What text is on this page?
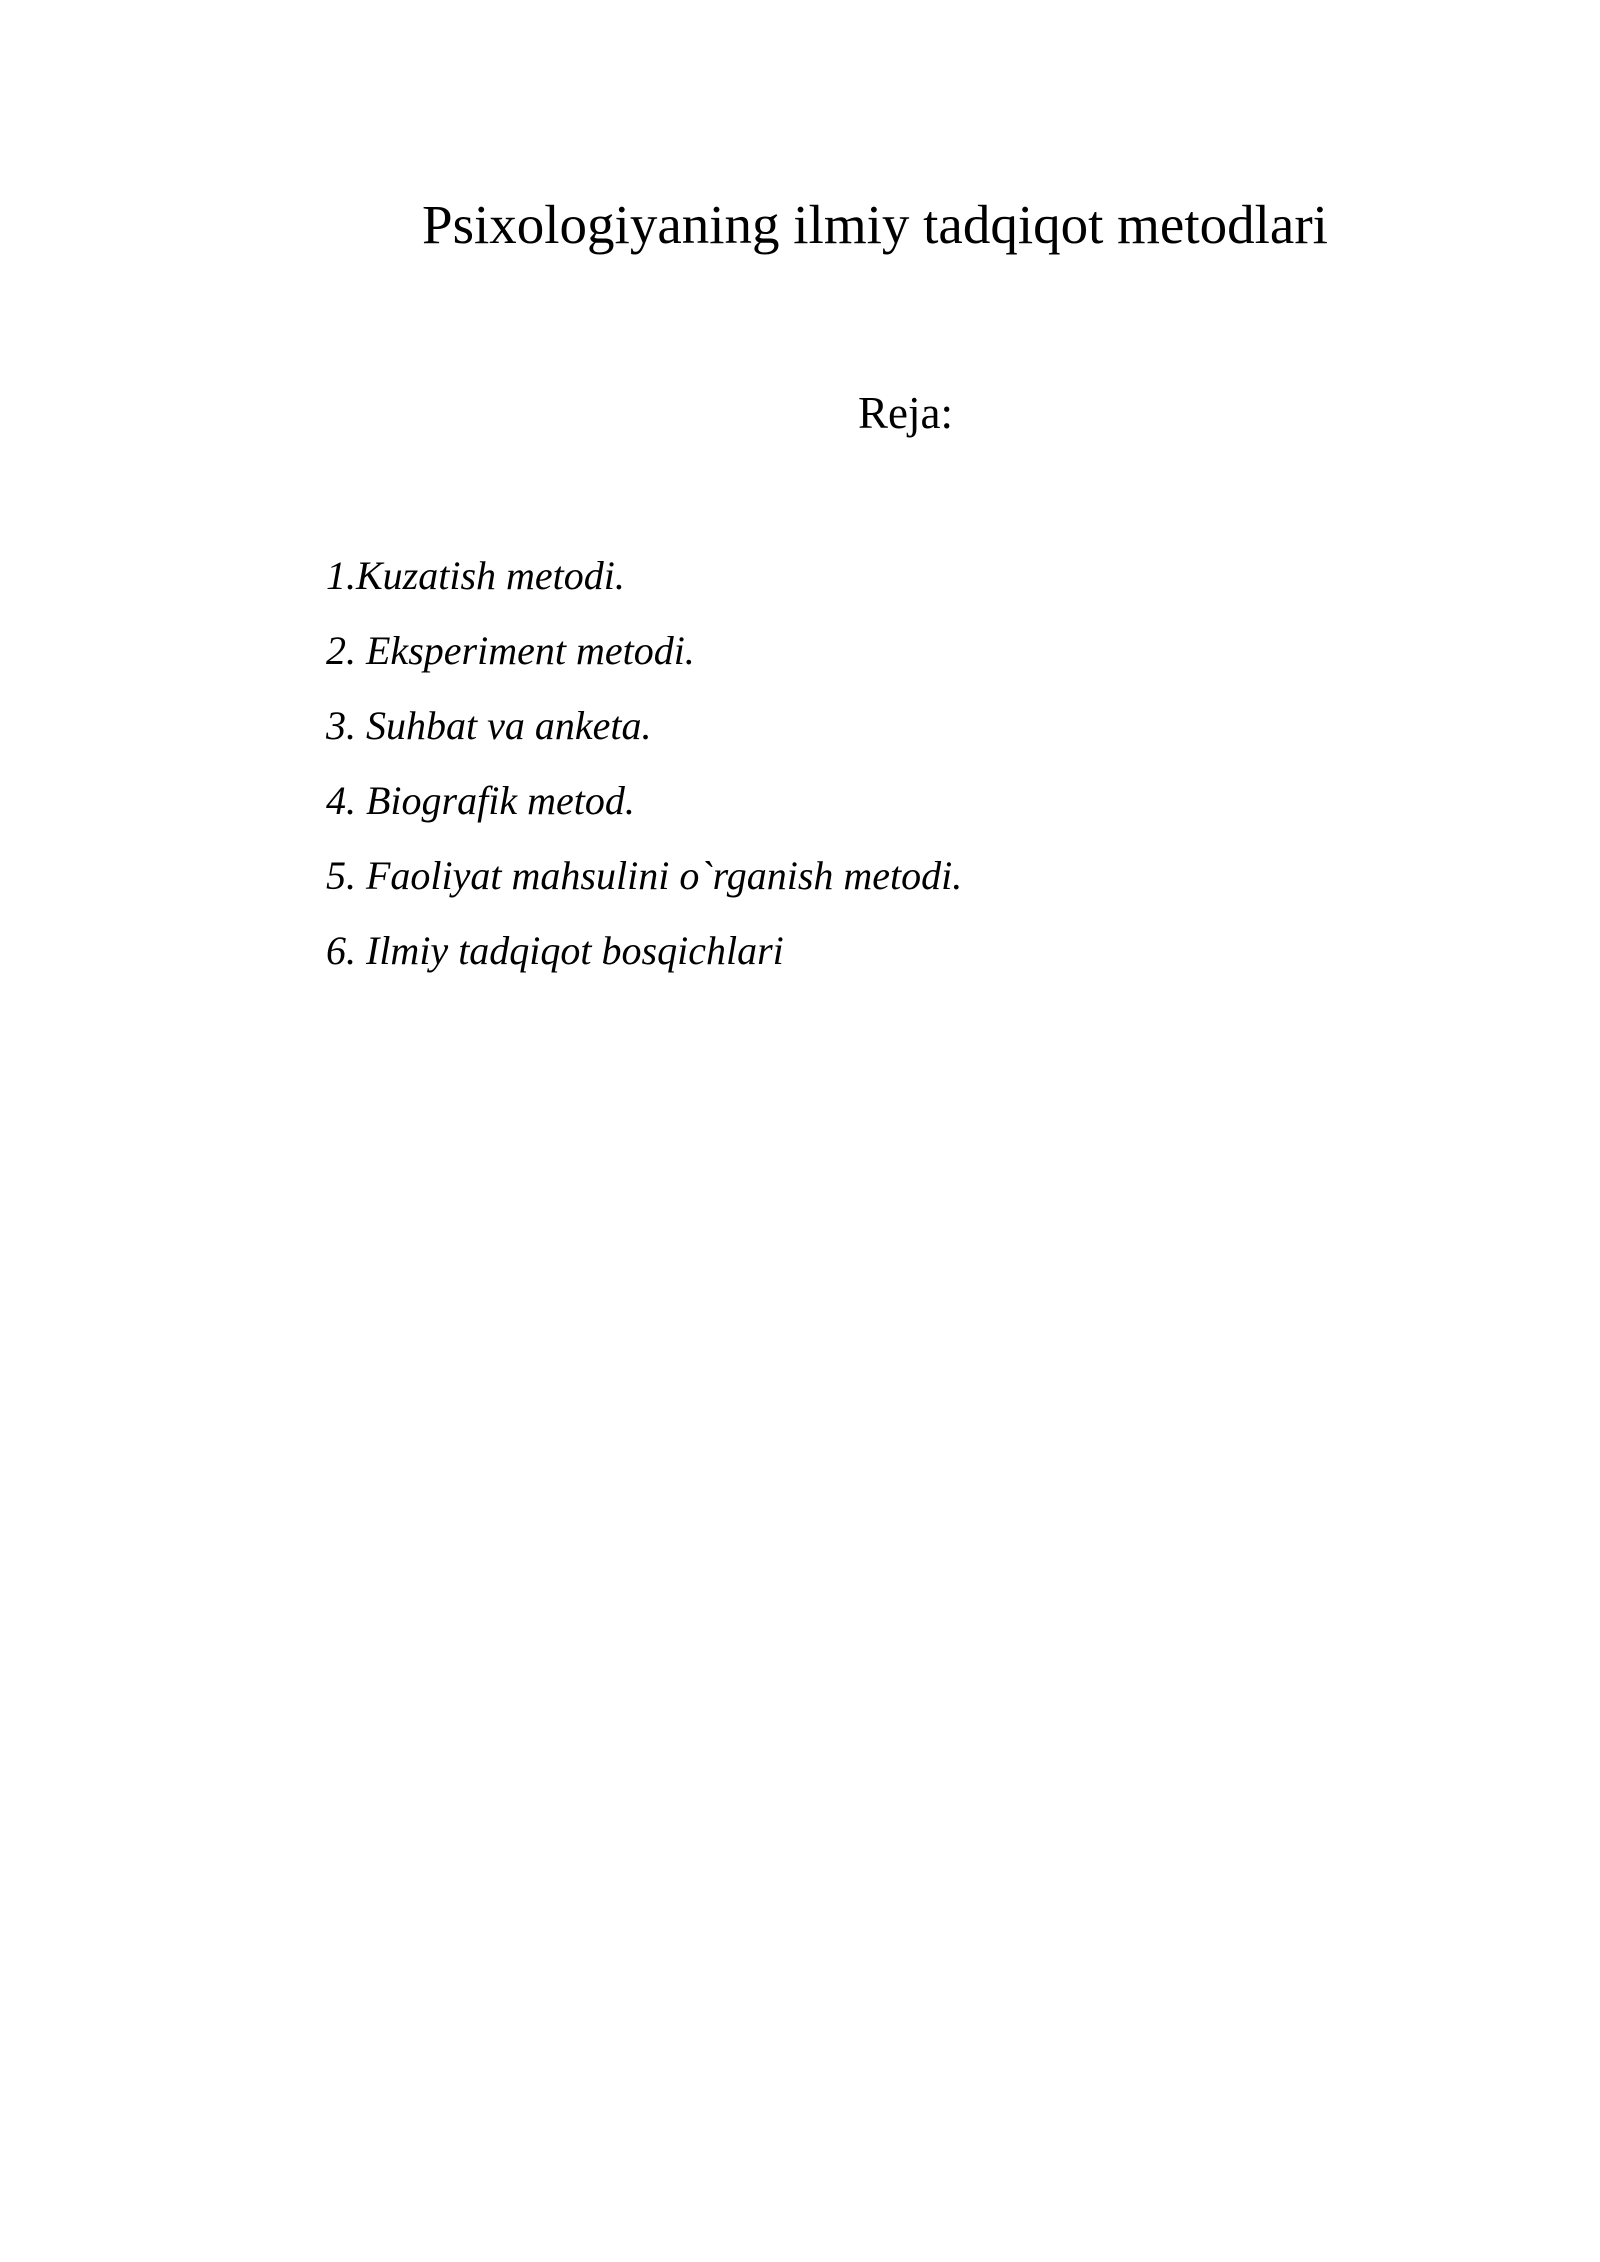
Psixologiyaning ilmiy tadqiqot metodlari
Reja:
1.Kuzatish metodi.
2. Eksperiment metodi.
3. Suhbat va anketa.
4. Biografik metod.
5. Faoliyat mahsulini o`rganish metodi.
6. Ilmiy tadqiqot bosqichlari
